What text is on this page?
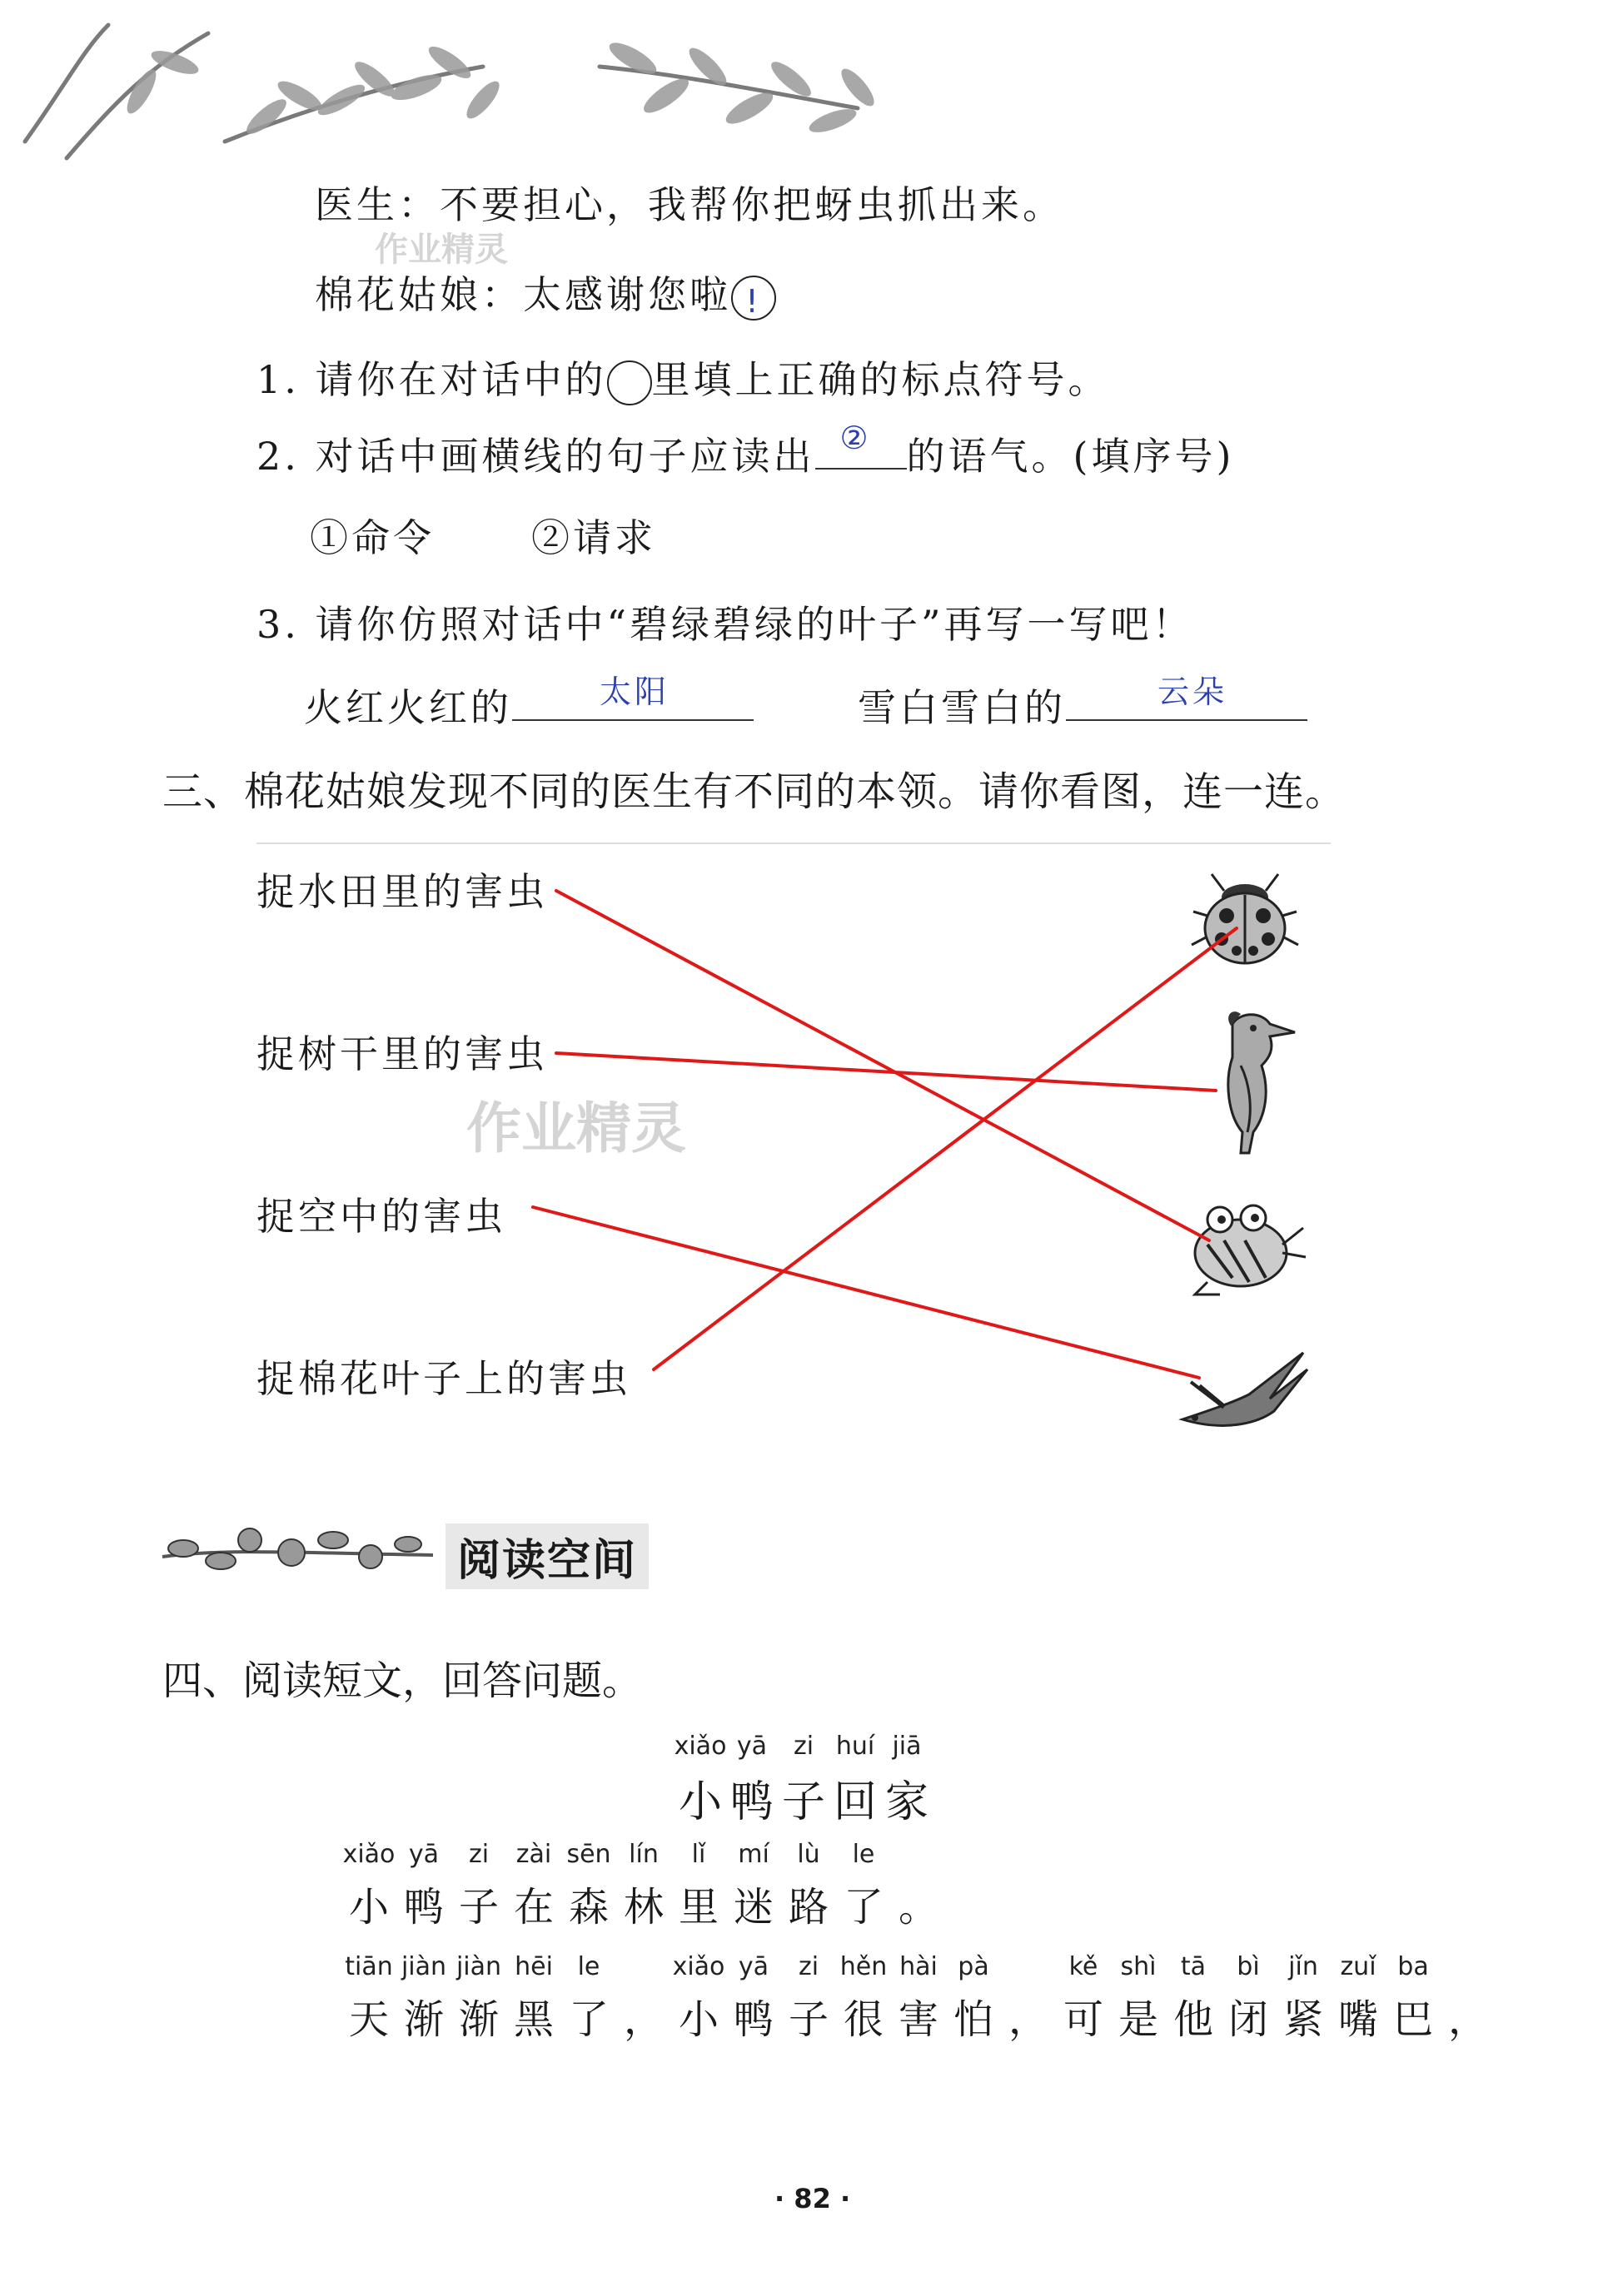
医生：不要担心，我帮你把蚜虫抓出来。
棉花姑娘：太感谢您啦 !
作业精灵
1. 请你在对话中的 里填上正确的标点符号。
2. 对话中画横线的句子应读出 ② 的语气。(填序号)
①命令	②请求
3. 请你仿照对话中“碧绿碧绿的叶子”再写一写吧！
火红火红的	太阳	雪白雪白的	云朵
三、棉花姑娘发现不同的医生有不同的本领。请你看图，连一连。
捉水田里的害虫
捉树干里的害虫
捉空中的害虫
捉棉花叶子上的害虫
作业精灵
阅读空间
四、阅读短文，回答问题。
xiǎo
小
yā
鸭
zi
子
huí
回
jiā
家
xiǎo
小
yā
鸭
zi
子
zài
在
sēn
森
lín
林
lǐ
里
mí
迷
lù
路
le
了 。
tiān
天
jiàn
渐
jiàn
渐
hēi
黑
le
了 ，
xiǎo
小
yā
鸭
zi
子
hěn
很
hài
害
pà
怕 ，
kě
可
shì
是
tā
他
bì
闭
jǐn
紧
zuǐ
嘴
ba
巴 ，
· 82 ·
